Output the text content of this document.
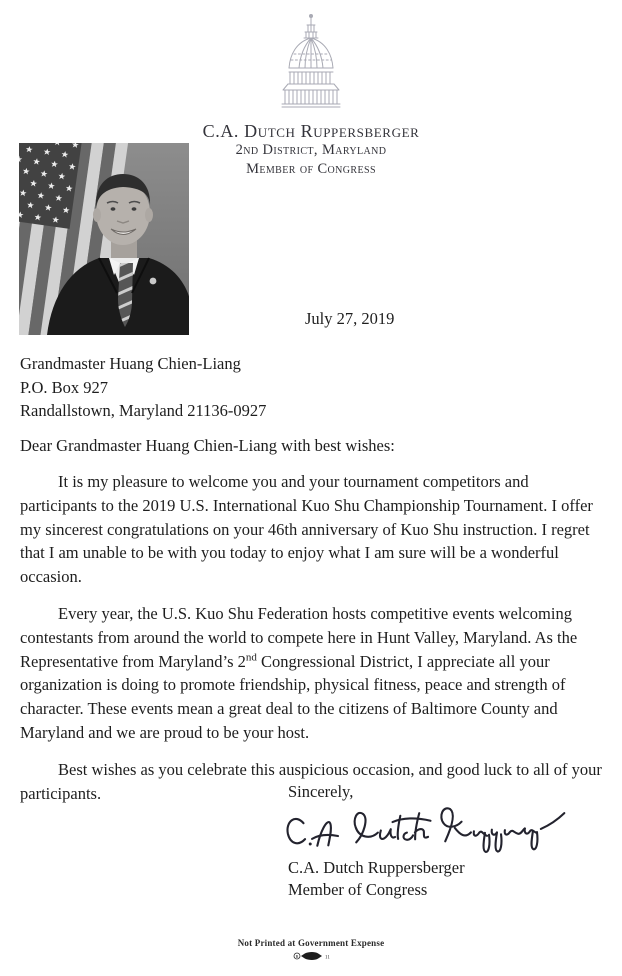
C.A. Dutch Ruppersberger
2nd District, Maryland
Member of Congress
July 27, 2019
Grandmaster Huang Chien-Liang
P.O. Box 927
Randallstown, Maryland 21136-0927
Dear Grandmaster Huang Chien-Liang with best wishes:

It is my pleasure to welcome you and your tournament competitors and participants to the 2019 U.S. International Kuo Shu Championship Tournament. I offer my sincerest congratulations on your 46th anniversary of Kuo Shu instruction. I regret that I am unable to be with you today to enjoy what I am sure will be a wonderful occasion.

Every year, the U.S. Kuo Shu Federation hosts competitive events welcoming contestants from around the world to compete here in Hunt Valley, Maryland. As the Representative from Maryland’s 2nd Congressional District, I appreciate all your organization is doing to promote friendship, physical fitness, peace and strength of character. These events mean a great deal to the citizens of Baltimore County and Maryland and we are proud to be your host.

Best wishes as you celebrate this auspicious occasion, and good luck to all of your participants.	Sincerely,
C.A. Dutch Ruppersberger
Member of Congress
Not Printed at Government Expense
R	11
